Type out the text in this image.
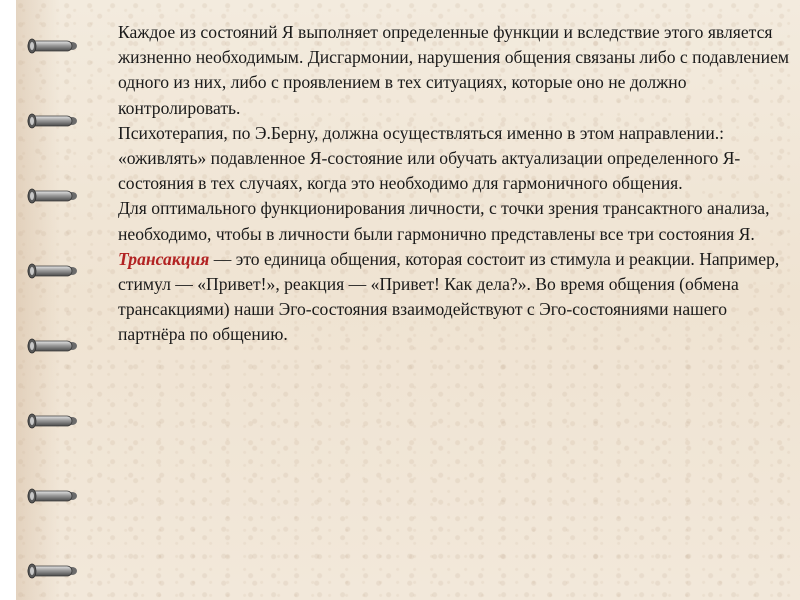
Каждое из состояний Я выполняет определенные функции и вследствие этого является жизненно необходимым. Дисгармонии, нарушения общения связаны либо с подавлением одного из них, либо с проявлением в тех ситуациях, которые оно не должно контролировать.

Психотерапия, по Э.Берну, должна осуществляться именно в этом направлении.: «оживлять» подавленное Я-состояние или обучать актуализации определенного Я-состояния в тех случаях, когда это необходимо для гармоничного общения.

Для оптимального функционирования личности, с точки зрения трансактного анализа, необходимо, чтобы в личности были гармонично представлены все три состояния Я.

Трансакция — это единица общения, которая состоит из стимула и реакции. Например, стимул — «Привет!», реакция — «Привет! Как дела?». Во время общения (обмена трансакциями) наши Эго-состояния взаимодействуют с Эго-состояниями нашего партнёра по общению.
